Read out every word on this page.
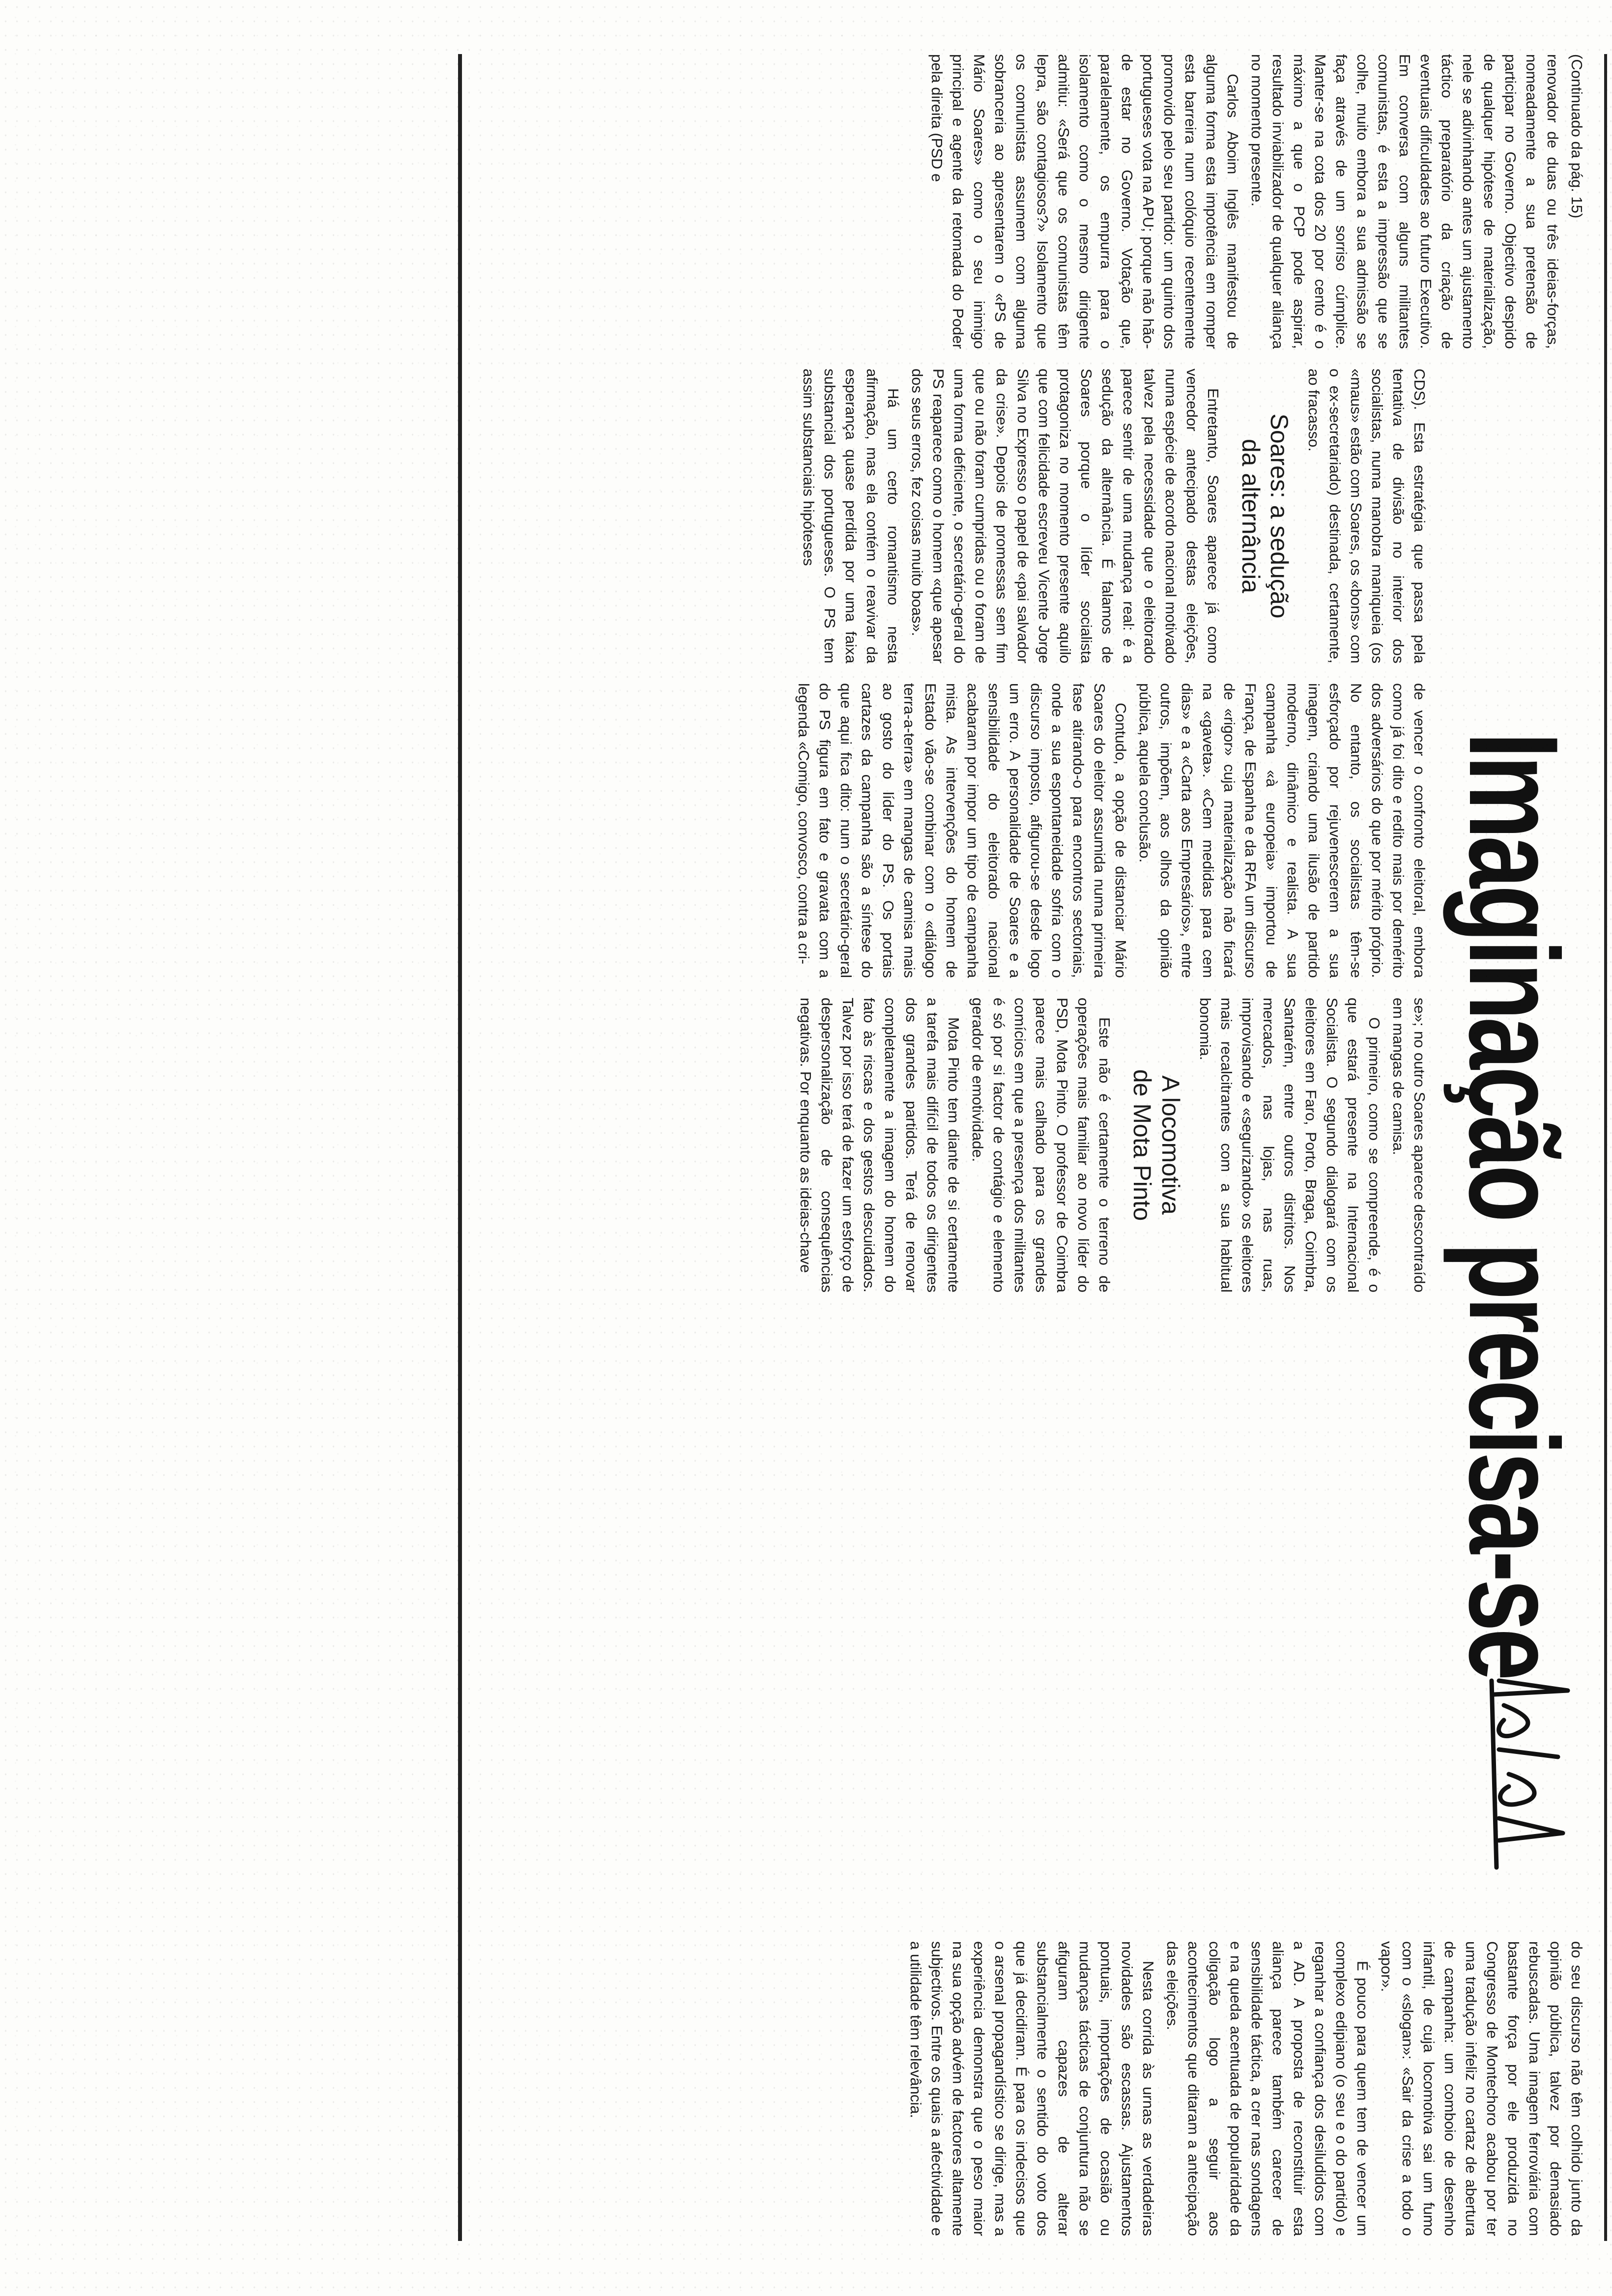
(Continuado da pág. 15)

renovador de duas ou três ideias-forças, nomeadamente a sua pretensão de participar no Governo. Objectivo despido de qualquer hipótese de materialização, nele se adivinhando antes um ajustamento táctico preparatório da criação de eventuais dificuldades ao futuro Executivo. Em conversa com alguns militantes comunistas, é esta a impressão que se colhe, muito embora a sua admissão se faça através de um sorriso cúmplice. Manter-se na cota dos 20 por cento é o máximo a que o PCP pode aspirar, resultado inviabilizador de qualquer aliança no momento presente.

Carlos Aboim Inglês manifestou de alguma forma esta impotência em romper esta barreira num colóquio recentemente promovido pelo seu partido: um quinto dos portugueses vota na APU; porque não hão-de estar no Governo. Votação que, paralelamente, os empurra para o isolamento como o mesmo dirigente admitiu: «Será que os comunistas têm lepra, são contagiosos?» Isolamento que os comunistas assumem com alguma sobranceria ao apresentarem o «PS de Mário Soares» como o seu inimigo principal e agente da retomada do Poder pela direita (PSD e

Imaginação precisa-se

CDS). Esta estratégia que passa pela tentativa de divisão no interior dos socialistas, numa manobra maniqueia (os «maus» estão com Soares, os «bons» com o ex-secretariado) destinada, certamente, ao fracasso.

Soares: a sedução
da alternância

Entretanto, Soares aparece já como vencedor antecipado destas eleições, numa espécie de acordo nacional motivado talvez pela necessidade que o eleitorado parece sentir de uma mudança real: é a sedução da alternância. É falamos de Soares porque o líder socialista protagoniza no momento presente aquilo que com felicidade escreveu Vicente Jorge Silva no Expresso o papel de «pai salvador da crise». Depois de promessas sem fim que ou não foram cumpridas ou o foram de uma forma deficiente, o secretário-geral do PS reaparece como o homem «que apesar dos seus erros, fez coisas muito boas».

Há um certo romantismo nesta afirmação, mas ela contém o reavivar da esperança quase perdida por uma faixa substancial dos portugueses. O PS tem assim substanciais hipóteses

de vencer o confronto eleitoral, embora como já foi dito e redito mais por demérito dos adversários do que por mérito próprio. No entanto, os socialistas têm-se esforçado por rejuvenescerem a sua imagem, criando uma ilusão de partido moderno, dinâmico e realista. A sua campanha «à europeia» importou de França, de Espanha e da RFA um discurso de «rigor» cuja materialização não ficará na «gaveta». «Cem medidas para cem dias» e a «Carta aos Empresários», entre outros, impõem, aos olhos da opinião pública, aquela conclusão.

Contudo, a opção de distanciar Mário Soares do eleitor assumida numa primeira fase atirando-o para encontros sectoriais, onde a sua espontaneidade sofria com o discurso imposto, afigurou-se desde logo um erro. A personalidade de Soares e a sensibilidade do eleitorado nacional acabaram por impor um tipo de campanha mista. As intervenções do homem de Estado vão-se combinar com o «diálogo terra-a-terra» em mangas de camisa mais ao gosto do líder do PS. Os portais cartazes da campanha são a síntese do que aqui fica dito: num o secretário-geral do PS figura em fato e gravata com a legenda «Comigo, convosco, contra a cri-

se»; no outro Soares aparece descontraído em mangas de camisa.

O primeiro, como se compreende, é o que estará presente na Internacional Socialista. O segundo dialogará com os eleitores em Faro, Porto, Braga, Coimbra, Santarém, entre outros distritos. Nos mercados, nas lojas, nas ruas, improvisando e «segurizando» os eleitores mais recalcitrantes com a sua habitual bonomia.

A locomotiva
de Mota Pinto

Este não é certamente o terreno de operações mais familiar ao novo líder do PSD, Mota Pinto. O professor de Coimbra parece mais calhado para os grandes comícios em que a presença dos militantes é só por si factor de contágio e elemento gerador de emotividade.

Mota Pinto tem diante de si certamente a tarefa mais difícil de todos os dirigentes dos grandes partidos. Terá de renovar completamente a imagem do homem do fato às riscas e dos gestos descuidados. Talvez por isso terá de fazer um esforço de despersonalização de consequências negativas. Por enquanto as ideias-chave

do seu discurso não têm colhido junto da opinião pública, talvez por demasiado rebuscadas. Uma imagem ferroviária com bastante força por ele produzida no Congresso de Montechoro acabou por ter uma tradução infeliz no cartaz de abertura de campanha: um comboio de desenho infantil, de cuja locomotiva sai um fumo com o «slogan»: «Sair da crise a todo o vapor».

É pouco para quem tem de vencer um complexo edipiano (o seu e o do partido) e reganhar a confiança dos desiludidos com a AD. A proposta de reconstituir esta aliança parece também carecer de sensibilidade táctica, a crer nas sondagens e na queda acentuada de popularidade da coligação logo a seguir aos acontecimentos que ditaram a antecipação das eleições.

Nesta corrida às urnas as verdadeiras novidades são escassas. Ajustamentos pontuais, importações de ocasião ou mudanças tácticas de conjuntura não se afiguram capazes de alterar substancialmente o sentido do voto dos que já decidiram. É para os indecisos que o arsenal propagandístico se dirige, mas a experiência demonstra que o peso maior na sua opção advém de factores altamente subjectivos. Entre os quais a afectividade e a utilidade têm relevância.
